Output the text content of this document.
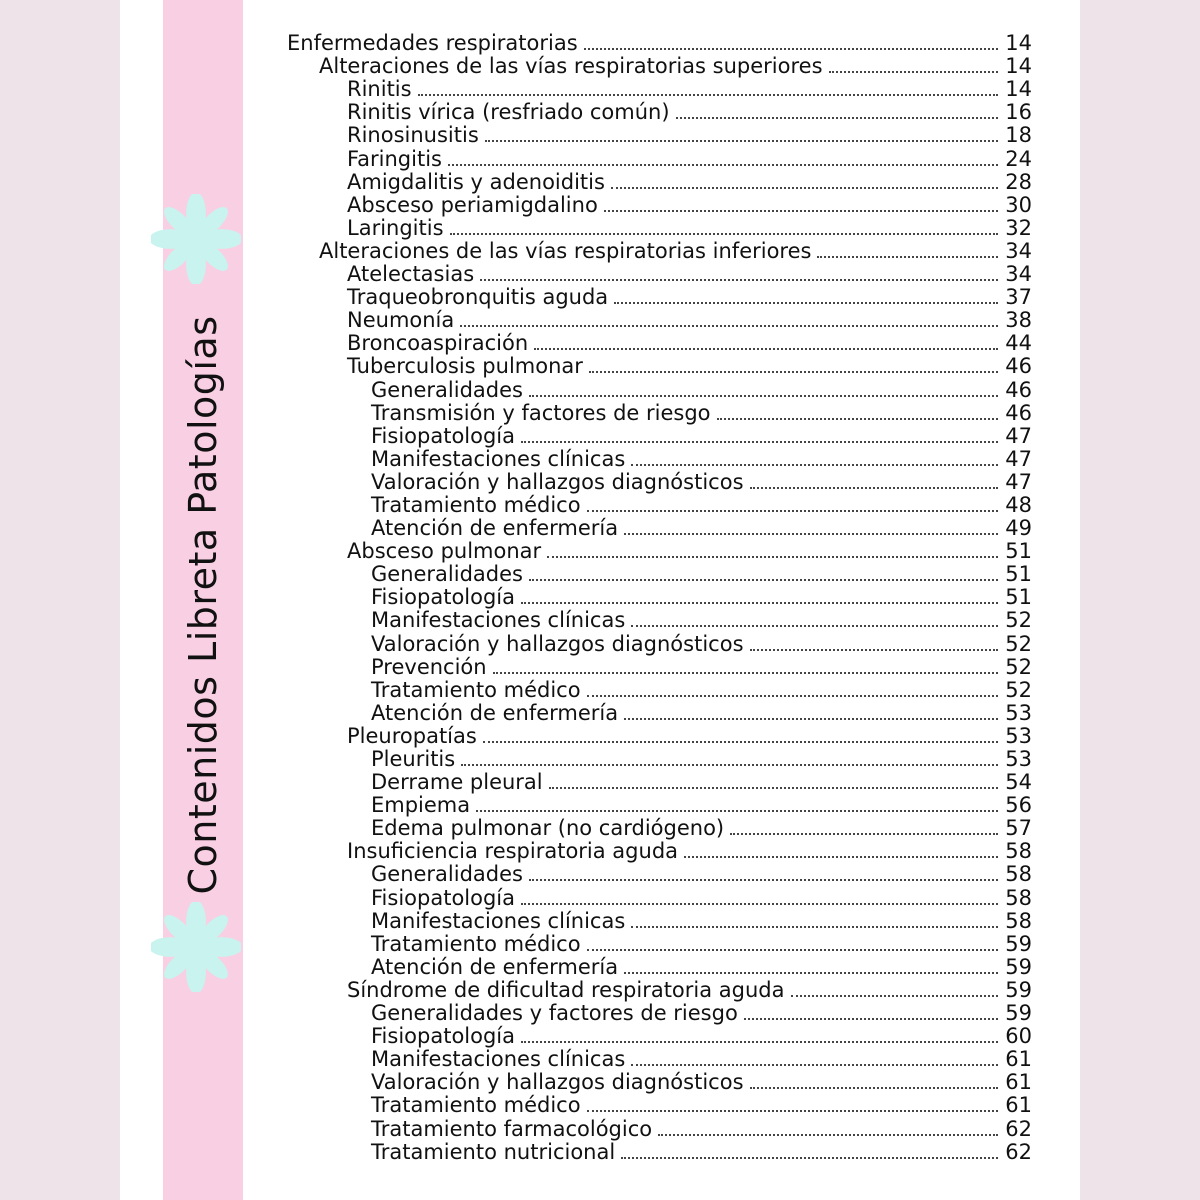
Contenidos Libreta Patologías
Enfermedades respiratorias	14
Alteraciones de las vías respiratorias superiores	14
Rinitis	14
Rinitis vírica (resfriado común)	16
Rinosinusitis	18
Faringitis	24
Amigdalitis y adenoiditis	28
Absceso periamigdalino	30
Laringitis	32
Alteraciones de las vías respiratorias inferiores	34
Atelectasias	34
Traqueobronquitis aguda	37
Neumonía	38
Broncoaspiración	44
Tuberculosis pulmonar	46
Generalidades	46
Transmisión y factores de riesgo	46
Fisiopatología	47
Manifestaciones clínicas	47
Valoración y hallazgos diagnósticos	47
Tratamiento médico	48
Atención de enfermería	49
Absceso pulmonar	51
Generalidades	51
Fisiopatología	51
Manifestaciones clínicas	52
Valoración y hallazgos diagnósticos	52
Prevención	52
Tratamiento médico	52
Atención de enfermería	53
Pleuropatías	53
Pleuritis	53
Derrame pleural	54
Empiema	56
Edema pulmonar (no cardiógeno)	57
Insuficiencia respiratoria aguda	58
Generalidades	58
Fisiopatología	58
Manifestaciones clínicas	58
Tratamiento médico	59
Atención de enfermería	59
Síndrome de dificultad respiratoria aguda	59
Generalidades y factores de riesgo	59
Fisiopatología	60
Manifestaciones clínicas	61
Valoración y hallazgos diagnósticos	61
Tratamiento médico	61
Tratamiento farmacológico	62
Tratamiento nutricional	62
